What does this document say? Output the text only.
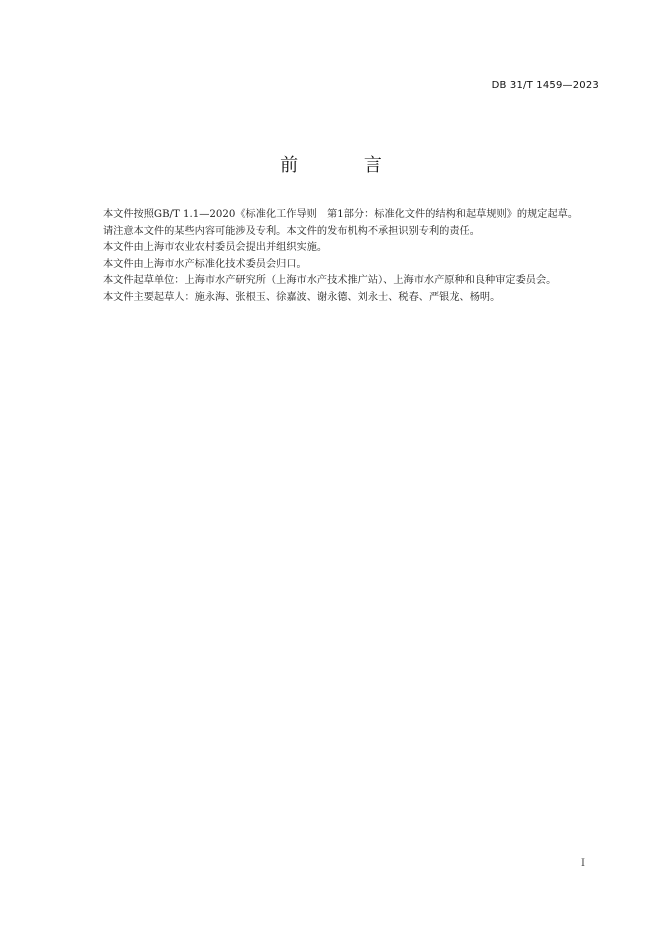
DB 31/T 1459—2023
前 言

本文件按照GB/T 1.1—2020《标准化工作导则　第1部分：标准化文件的结构和起草规则》的规定起草。

请注意本文件的某些内容可能涉及专利。本文件的发布机构不承担识别专利的责任。

本文件由上海市农业农村委员会提出并组织实施。

本文件由上海市水产标准化技术委员会归口。

本文件起草单位：上海市水产研究所（上海市水产技术推广站）、上海市水产原种和良种审定委员会。

本文件主要起草人：施永海、张根玉、徐嘉波、谢永德、刘永士、税春、严银龙、杨明。

I
